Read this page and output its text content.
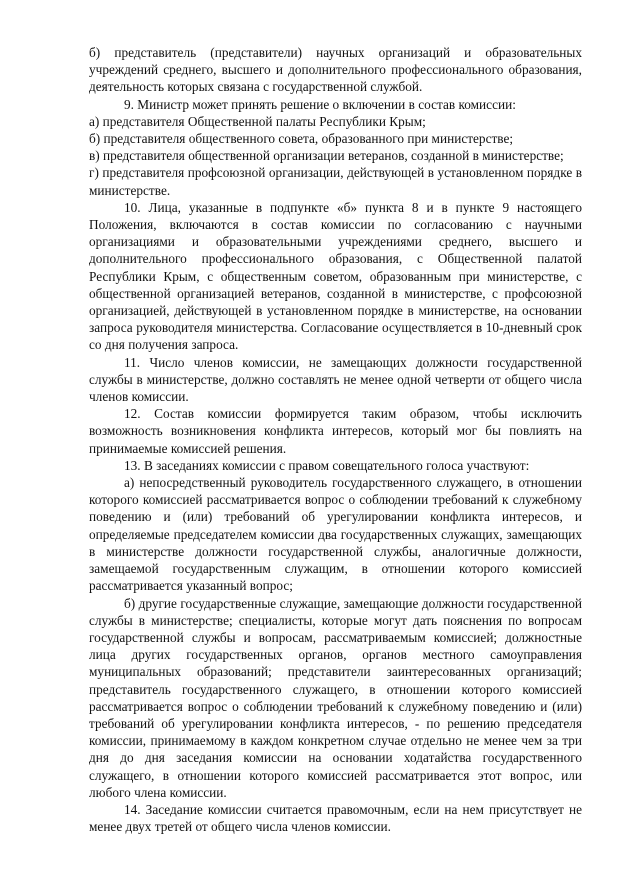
б) представитель (представители) научных организаций и образовательных учреждений среднего, высшего и дополнительного профессионального образования, деятельность которых связана с государственной службой.

9. Министр может принять решение о включении в состав комиссии:

а) представителя Общественной палаты Республики Крым;

б) представителя общественного совета, образованного при министерстве;

в) представителя общественной организации ветеранов, созданной в министерстве;

г) представителя профсоюзной организации, действующей в установленном порядке в министерстве.

10. Лица, указанные в подпункте «б» пункта 8 и в пункте 9 настоящего Положения, включаются в состав комиссии по согласованию с научными организациями и образовательными учреждениями среднего, высшего и дополнительного профессионального образования, с Общественной палатой Республики Крым, с общественным советом, образованным при министерстве, с общественной организацией ветеранов, созданной в министерстве, с профсоюзной организацией, действующей в установленном порядке в министерстве, на основании запроса руководителя министерства. Согласование осуществляется в 10-дневный срок со дня получения запроса.

11. Число членов комиссии, не замещающих должности государственной службы в министерстве, должно составлять не менее одной четверти от общего числа членов комиссии.

12. Состав комиссии формируется таким образом, чтобы исключить возможность возникновения конфликта интересов, который мог бы повлиять на принимаемые комиссией решения.

13. В заседаниях комиссии с правом совещательного голоса участвуют:

а) непосредственный руководитель государственного служащего, в отношении которого комиссией рассматривается вопрос о соблюдении требований к служебному поведению и (или) требований об урегулировании конфликта интересов, и определяемые председателем комиссии два государственных служащих, замещающих в министерстве должности государственной службы, аналогичные должности, замещаемой государственным служащим, в отношении которого комиссией рассматривается указанный вопрос;

б) другие государственные служащие, замещающие должности государственной службы в министерстве; специалисты, которые могут дать пояснения по вопросам государственной службы и вопросам, рассматриваемым комиссией; должностные лица других государственных органов, органов местного самоуправления муниципальных образований; представители заинтересованных организаций; представитель государственного служащего, в отношении которого комиссией рассматривается вопрос о соблюдении требований к служебному поведению и (или) требований об урегулировании конфликта интересов, - по решению председателя комиссии, принимаемому в каждом конкретном случае отдельно не менее чем за три дня до дня заседания комиссии на основании ходатайства государственного служащего, в отношении которого комиссией рассматривается этот вопрос, или любого члена комиссии.

14. Заседание комиссии считается правомочным, если на нем присутствует не менее двух третей от общего числа членов комиссии.
